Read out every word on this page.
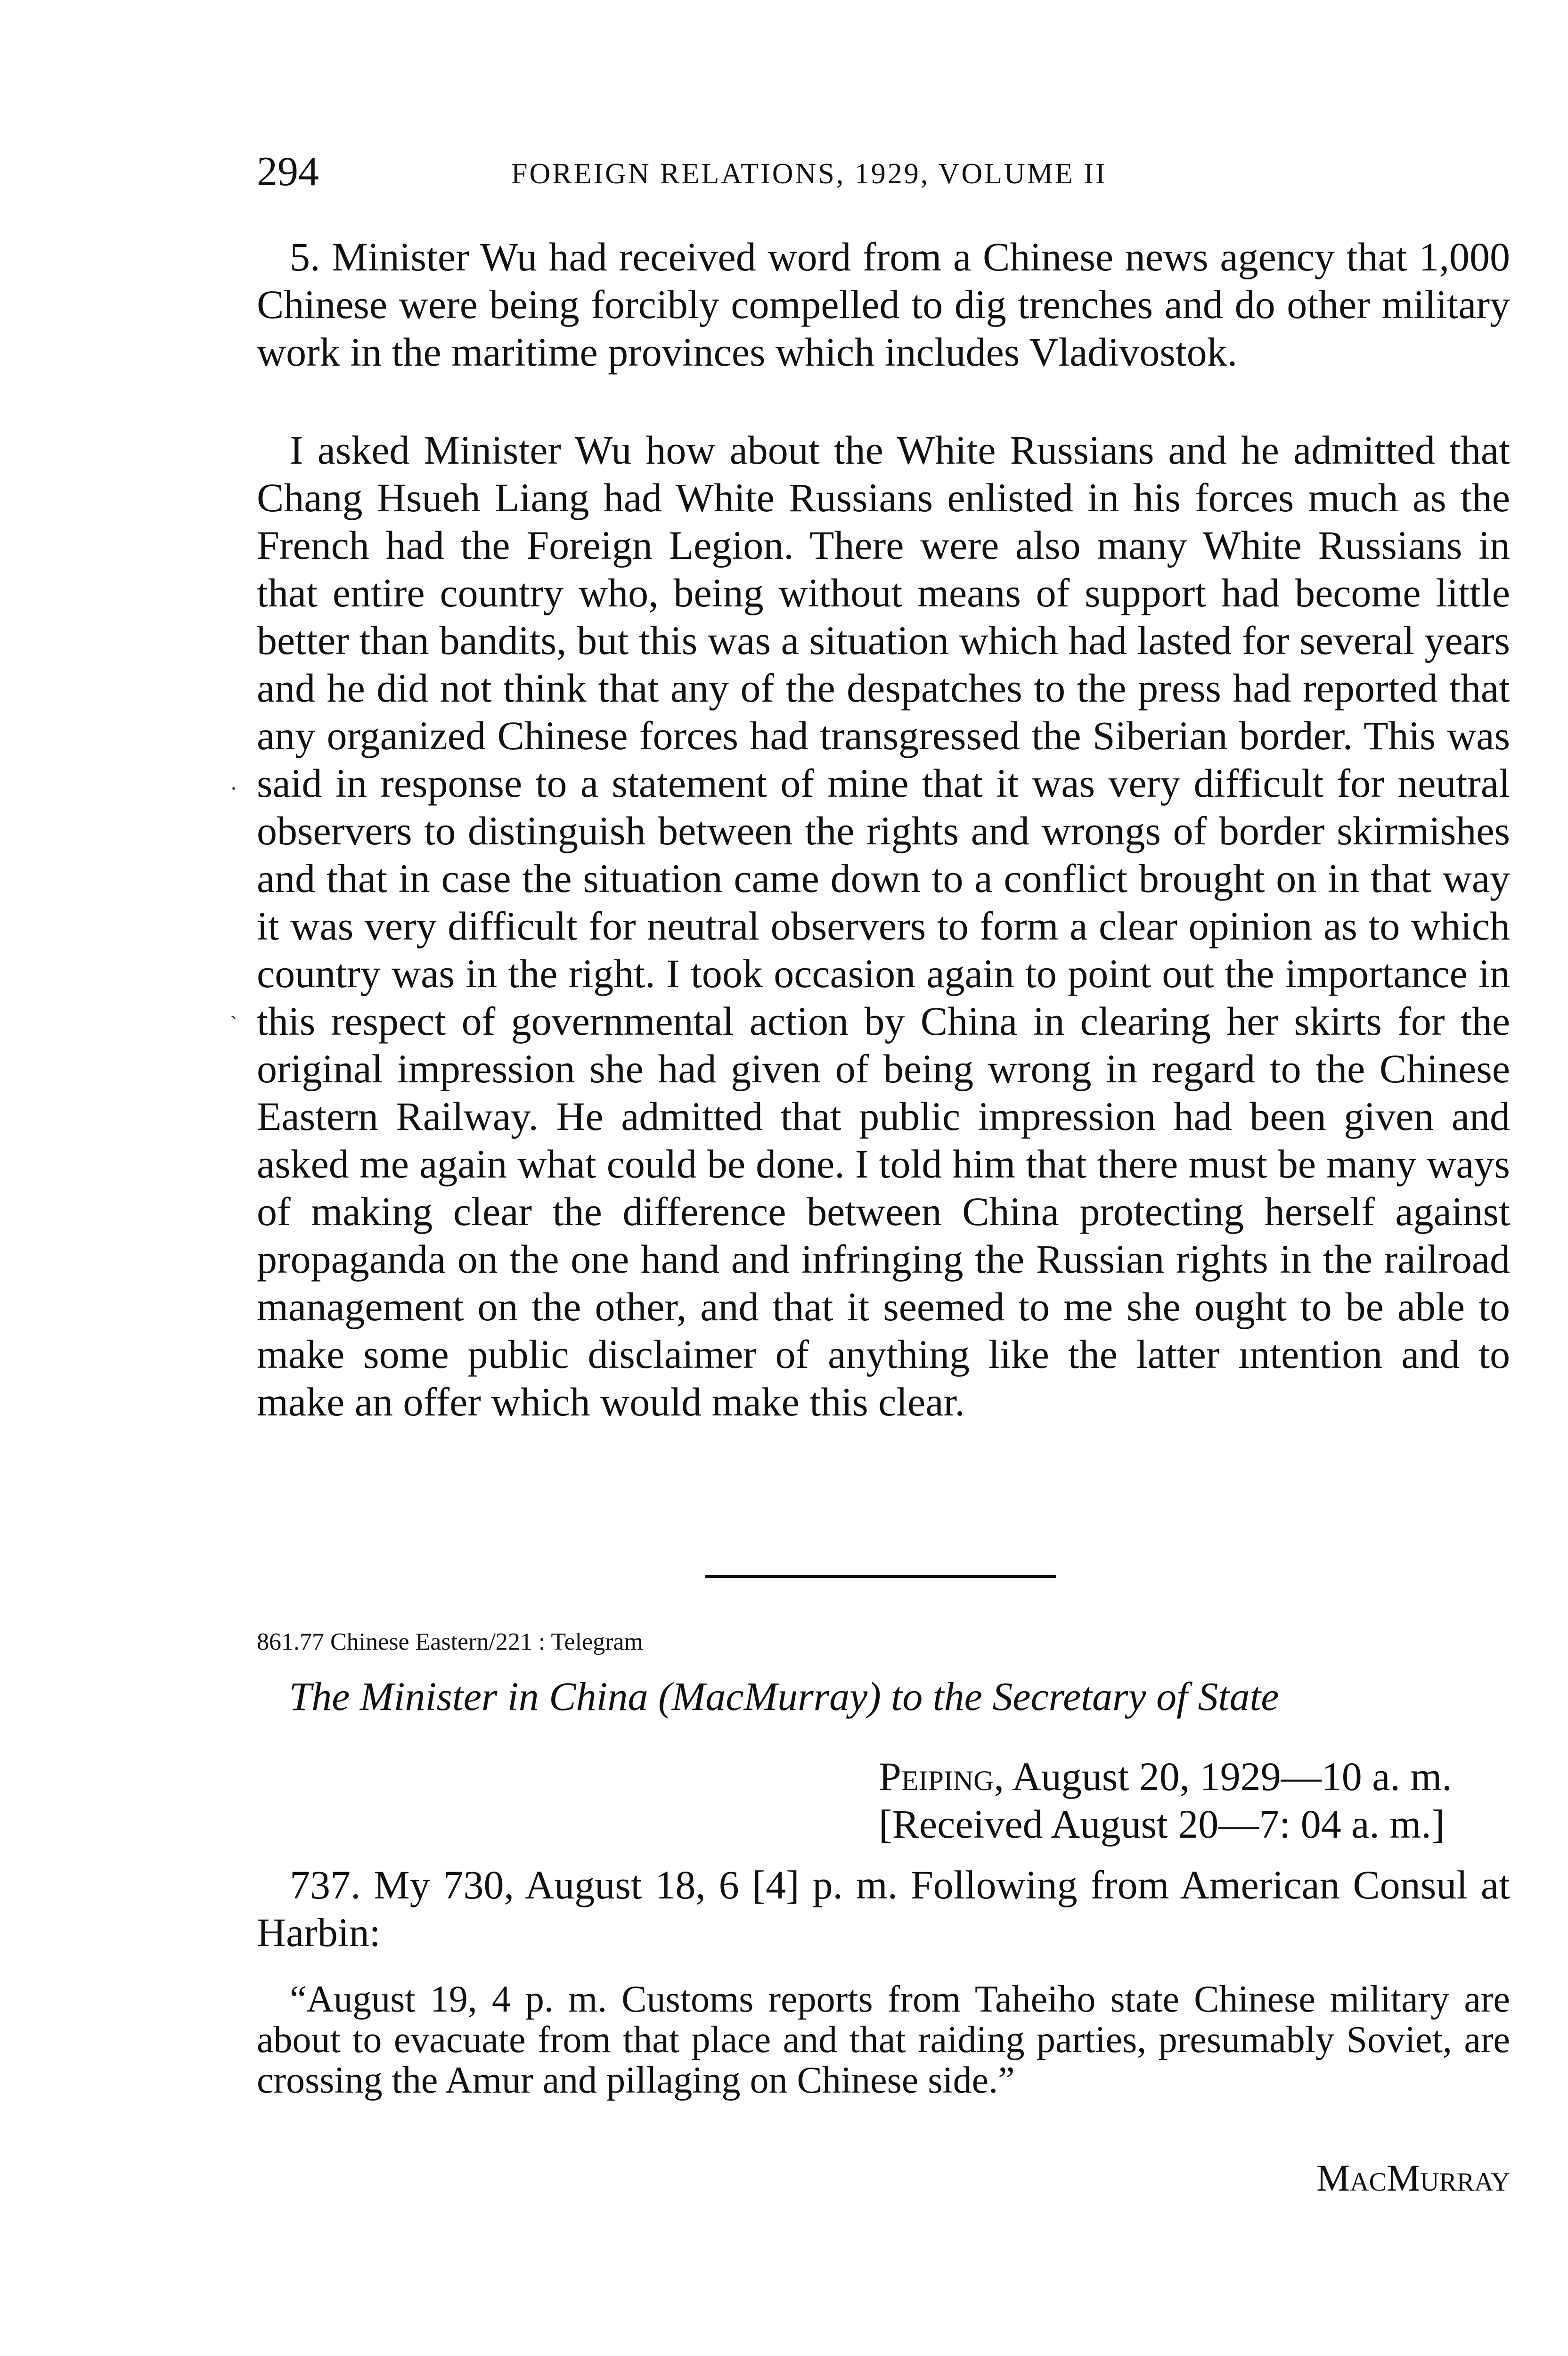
294	FOREIGN RELATIONS, 1929, VOLUME II

5. Minister Wu had received word from a Chinese news agency that 1,000 Chinese were being forcibly compelled to dig trenches and do other military work in the maritime provinces which includes Vladivostok.

I asked Minister Wu how about the White Russians and he admitted that Chang Hsueh Liang had White Russians enlisted in his forces much as the French had the Foreign Legion. There were also many White Russians in that entire country who, being without means of support had become little better than bandits, but this was a situation which had lasted for several years and he did not think that any of the despatches to the press had reported that any organized Chinese forces had transgressed the Siberian border. This was said in response to a statement of mine that it was very difficult for neutral observers to distinguish between the rights and wrongs of border skirmishes and that in case the situation came down to a conflict brought on in that way it was very difficult for neutral observers to form a clear opinion as to which country was in the right. I took occasion again to point out the importance in this respect of governmental action by China in clearing her skirts for the original impression she had given of being wrong in regard to the Chinese Eastern Railway. He admitted that public impression had been given and asked me again what could be done. I told him that there must be many ways of making clear the difference between China protecting herself against propaganda on the one hand and infringing the Russian rights in the railroad management on the other, and that it seemed to me she ought to be able to make some public disclaimer of anything like the latter ıntention and to make an offer which would make this clear.

·
ˋ
861.77 Chinese Eastern/221 : Telegram
The Minister in China (MacMurray) to the Secretary of State
Peiping, August 20, 1929—10 a. m.
[Received August 20—7: 04 a. m.]

737. My 730, August 18, 6 [4] p. m. Following from American Consul at Harbin:

“August 19, 4 p. m. Customs reports from Taheiho state Chinese military are about to evacuate from that place and that raiding parties, presumably Soviet, are crossing the Amur and pillaging on Chinese side.”

MacMurray
